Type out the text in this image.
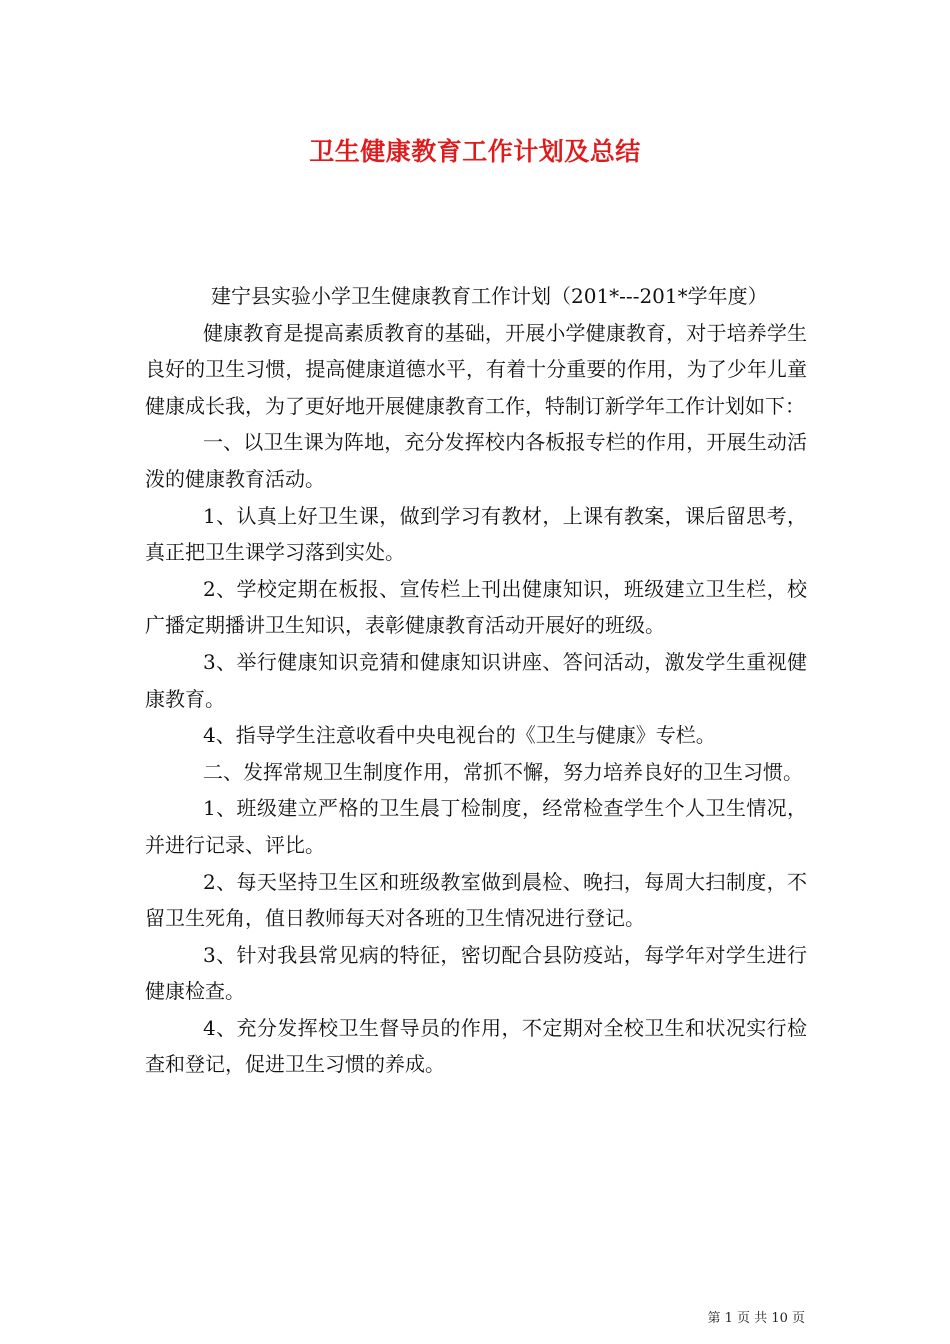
卫生健康教育工作计划及总结

建宁县实验小学卫生健康教育工作计划（201*---201*学年度）

健康教育是提高素质教育的基础，开展小学健康教育，对于培养学生良好的卫生习惯，提高健康道德水平，有着十分重要的作用，为了少年儿童健康成长我，为了更好地开展健康教育工作，特制订新学年工作计划如下：

一、以卫生课为阵地，充分发挥校内各板报专栏的作用，开展生动活泼的健康教育活动。

1、认真上好卫生课，做到学习有教材，上课有教案，课后留思考，真正把卫生课学习落到实处。

2、学校定期在板报、宣传栏上刊出健康知识，班级建立卫生栏，校广播定期播讲卫生知识，表彰健康教育活动开展好的班级。

3、举行健康知识竞猜和健康知识讲座、答问活动，激发学生重视健康教育。

4、指导学生注意收看中央电视台的《卫生与健康》专栏。

二、发挥常规卫生制度作用，常抓不懈，努力培养良好的卫生习惯。

1、班级建立严格的卫生晨丁检制度，经常检查学生个人卫生情况，并进行记录、评比。

2、每天坚持卫生区和班级教室做到晨检、晚扫，每周大扫制度，不留卫生死角，值日教师每天对各班的卫生情况进行登记。

3、针对我县常见病的特征，密切配合县防疫站，每学年对学生进行健康检查。

4、充分发挥校卫生督导员的作用，不定期对全校卫生和状况实行检查和登记，促进卫生习惯的养成。

第 1 页 共 10 页
